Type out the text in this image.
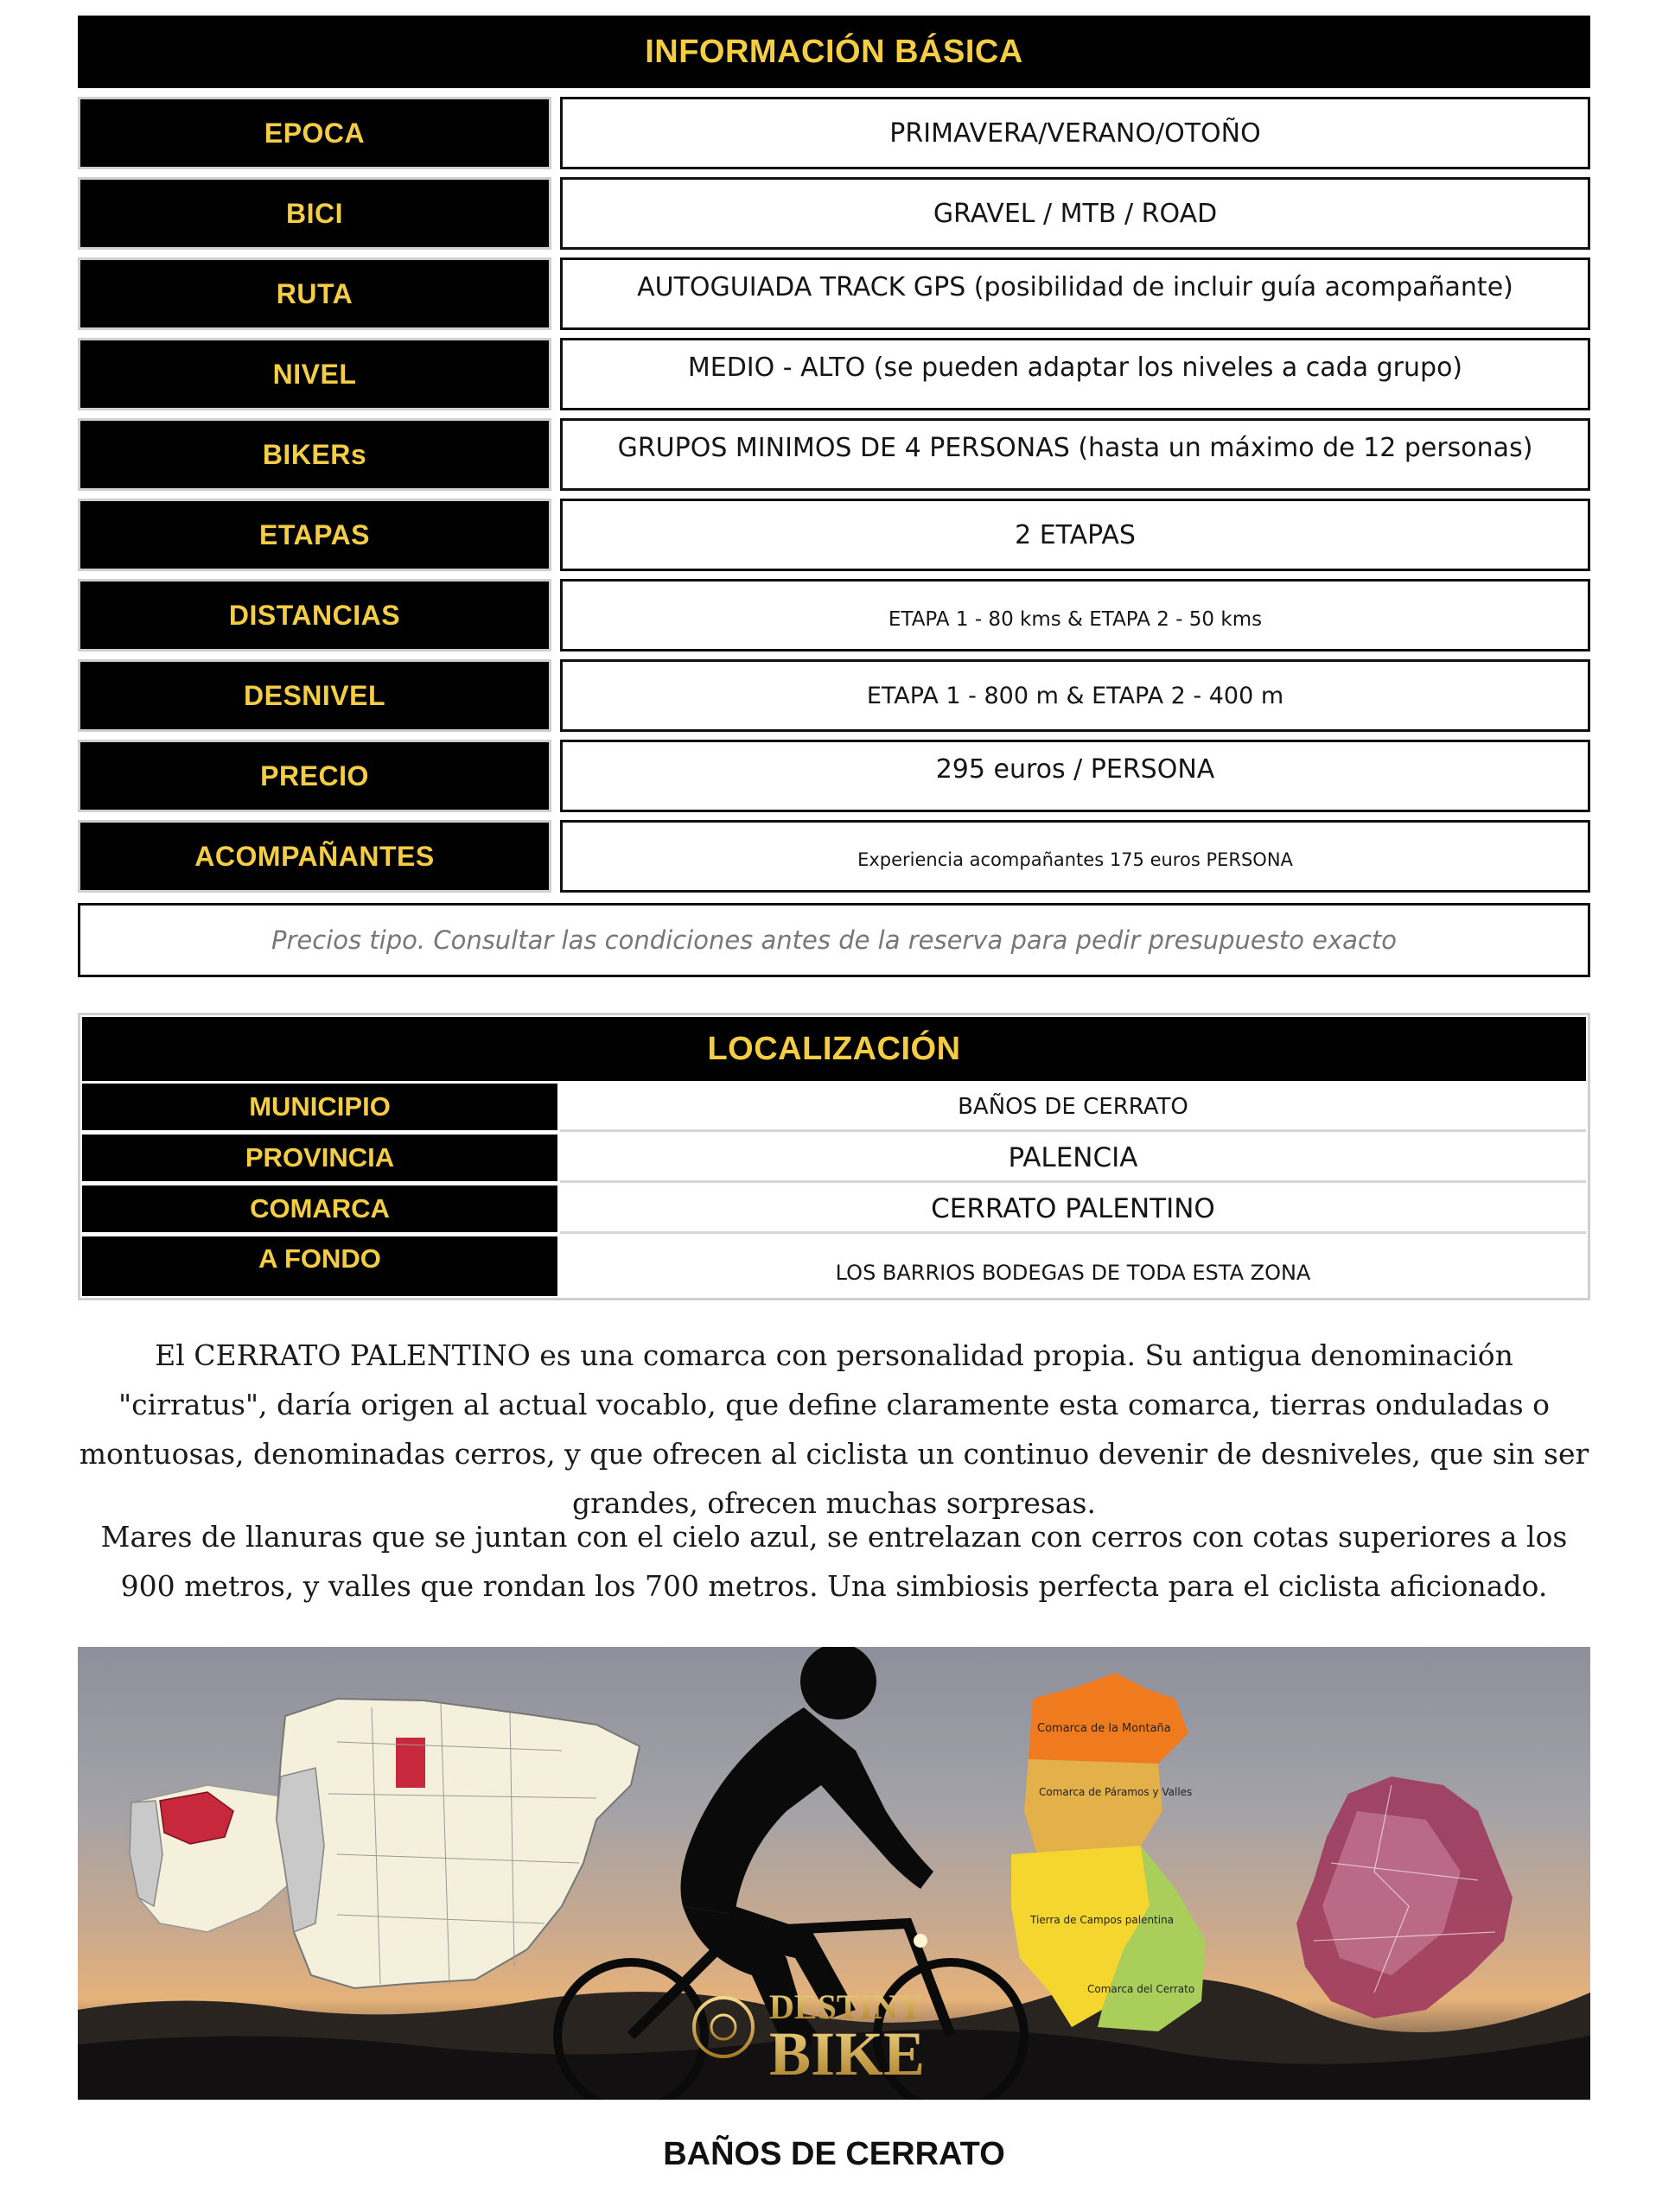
INFORMACIÓN BÁSICA
EPOCA	PRIMAVERA/VERANO/OTOÑO
BICI	GRAVEL / MTB / ROAD
RUTA	AUTOGUIADA TRACK GPS (posibilidad de incluir guía acompañante)
NIVEL	MEDIO - ALTO (se pueden adaptar los niveles a cada grupo)
BIKERs	GRUPOS MINIMOS DE 4 PERSONAS (hasta un máximo de 12 personas)
ETAPAS	2 ETAPAS
DISTANCIAS	ETAPA 1 - 80 kms & ETAPA 2 - 50 kms
DESNIVEL	ETAPA 1 - 800 m & ETAPA 2 - 400 m
PRECIO	295 euros / PERSONA
ACOMPAÑANTES	Experiencia acompañantes 175 euros PERSONA
Precios tipo. Consultar las condiciones antes de la reserva para pedir presupuesto exacto
LOCALIZACIÓN
MUNICIPIO	BAÑOS DE CERRATO
PROVINCIA	PALENCIA
COMARCA	CERRATO PALENTINO
A FONDO	LOS BARRIOS BODEGAS DE TODA ESTA ZONA
El CERRATO PALENTINO es una comarca con personalidad propia. Su antigua denominación "cirratus", daría origen al actual vocablo, que define claramente esta comarca, tierras onduladas o montuosas, denominadas cerros, y que ofrecen al ciclista un continuo devenir de desniveles, que sin ser grandes, ofrecen muchas sorpresas.
Mares de llanuras que se juntan con el cielo azul, se entrelazan con cerros con cotas superiores a los 900 metros, y valles que rondan los 700 metros. Una simbiosis perfecta para el ciclista aficionado.
DESTINY
BIKE
Comarca de la Montaña
Comarca de Páramos y Valles
Tierra de Campos palentina
Comarca del Cerrato
BAÑOS DE CERRATO
